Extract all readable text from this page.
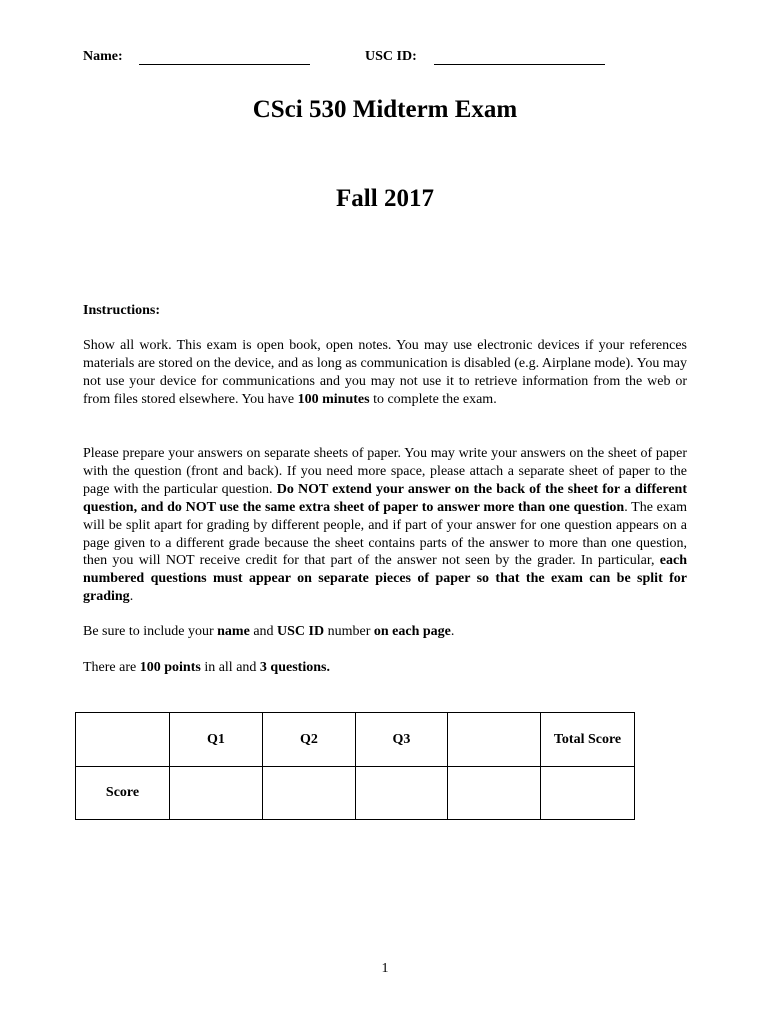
Name:	USC ID:
CSci 530 Midterm Exam
Fall 2017
Instructions:
Show all work. This exam is open book, open notes. You may use electronic devices if your references materials are stored on the device, and as long as communication is disabled (e.g. Airplane mode). You may not use your device for communications and you may not use it to retrieve information from the web or from files stored elsewhere. You have 100 minutes to complete the exam.
Please prepare your answers on separate sheets of paper. You may write your answers on the sheet of paper with the question (front and back). If you need more space, please attach a separate sheet of paper to the page with the particular question. Do NOT extend your answer on the back of the sheet for a different question, and do NOT use the same extra sheet of paper to answer more than one question. The exam will be split apart for grading by different people, and if part of your answer for one question appears on a page given to a different grade because the sheet contains parts of the answer to more than one question, then you will NOT receive credit for that part of the answer not seen by the grader. In particular, each numbered questions must appear on separate pieces of paper so that the exam can be split for grading.
Be sure to include your name and USC ID number on each page.
There are 100 points in all and 3 questions.
	Q1	Q2	Q3		Total Score
Score					
1
